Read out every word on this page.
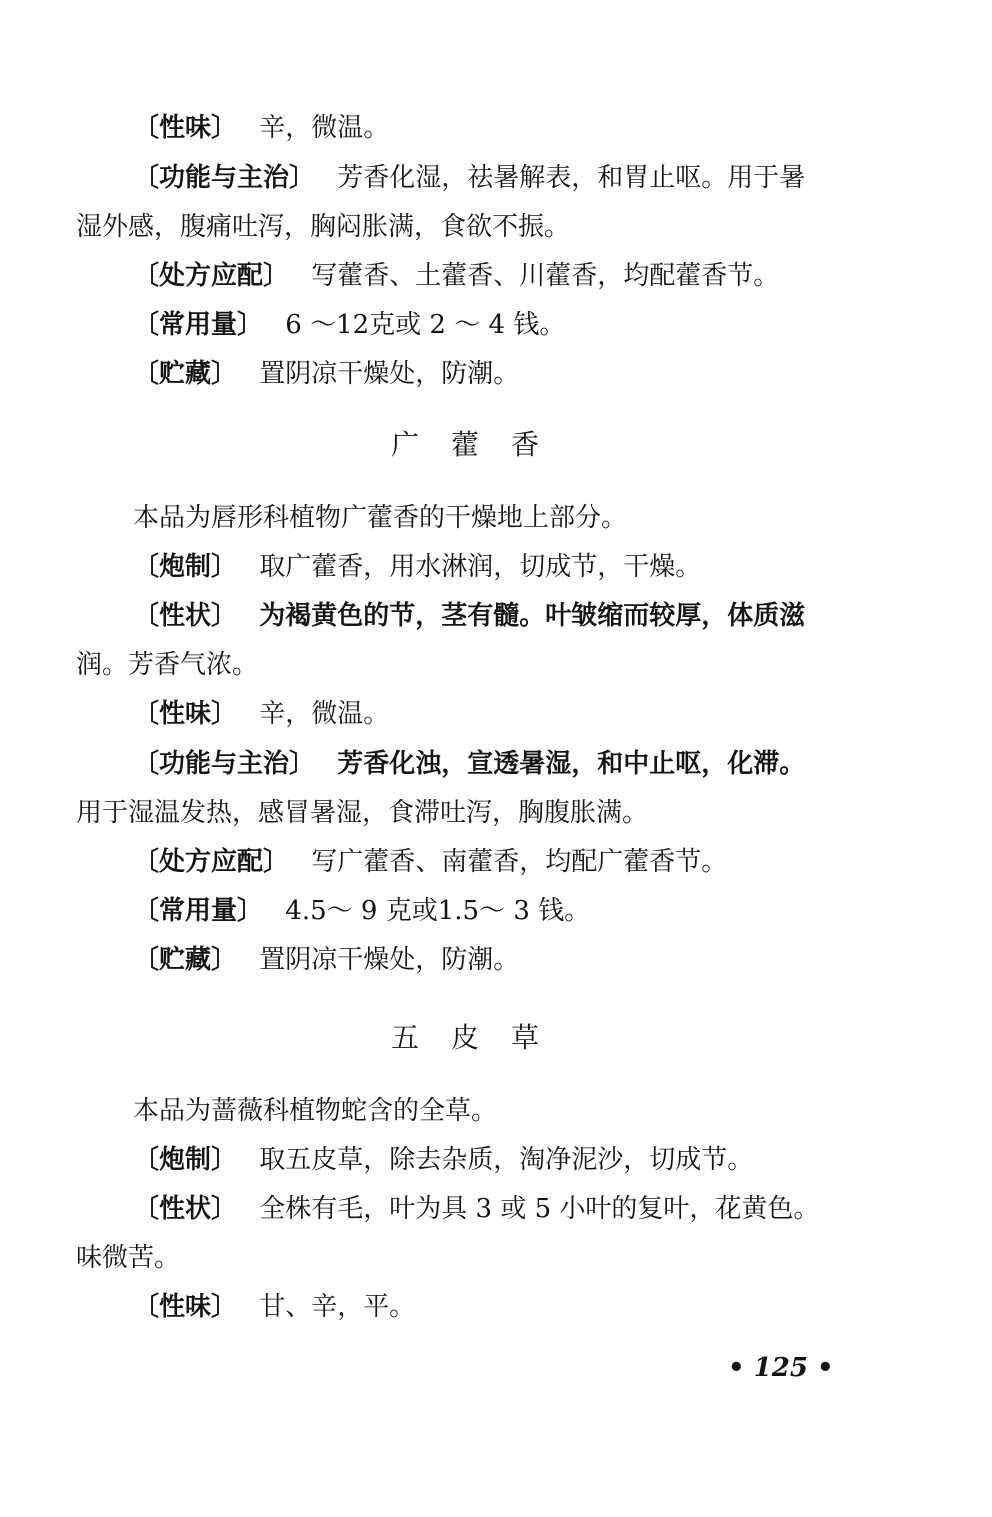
〔性味〕 辛，微温。
〔功能与主治〕 芳香化湿，祛暑解表，和胃止呕。用于暑
湿外感，腹痛吐泻，胸闷胀满，食欲不振。
〔处方应配〕 写藿香、土藿香、川藿香，均配藿香节。
〔常用量〕 6 ～12克或 2 ～ 4 钱。
〔贮藏〕 置阴凉干燥处，防潮。
广藿香
本品为唇形科植物广藿香的干燥地上部分。
〔炮制〕 取广藿香，用水淋润，切成节，干燥。
〔性状〕 为褐黄色的节，茎有髓。叶皱缩而较厚，体质滋
润。芳香气浓。
〔性味〕 辛，微温。
〔功能与主治〕 芳香化浊，宣透暑湿，和中止呕，化滞。
用于湿温发热，感冒暑湿，食滞吐泻，胸腹胀满。
〔处方应配〕 写广藿香、南藿香，均配广藿香节。
〔常用量〕 4.5～ 9 克或1.5～ 3 钱。
〔贮藏〕 置阴凉干燥处，防潮。
五皮草
本品为蔷薇科植物蛇含的全草。
〔炮制〕 取五皮草，除去杂质，淘净泥沙，切成节。
〔性状〕 全株有毛，叶为具 3 或 5 小叶的复叶，花黄色。
味微苦。
〔性味〕 甘、辛，平。
• 125 •
